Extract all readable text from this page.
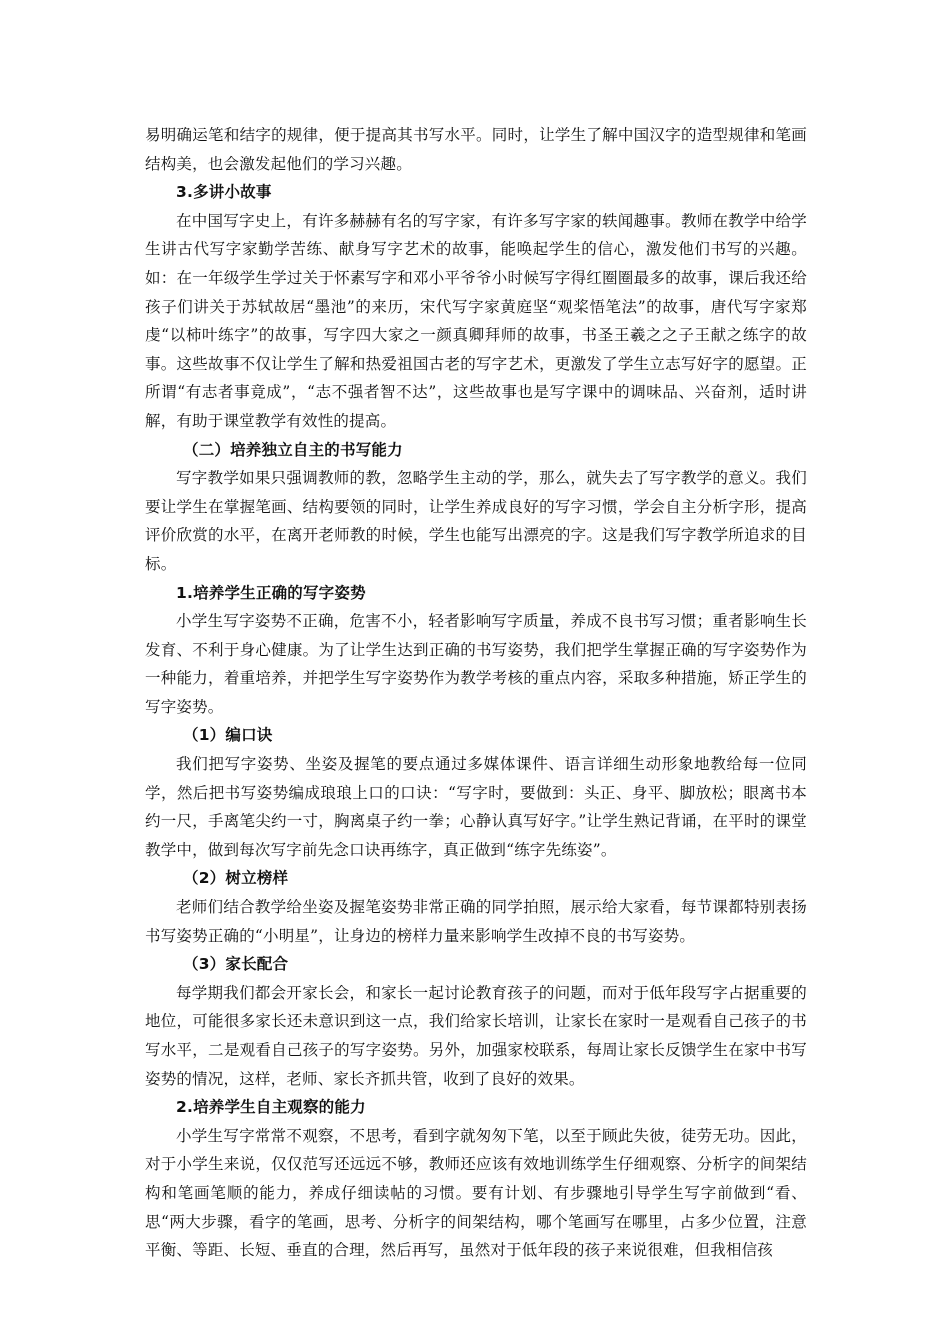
易明确运笔和结字的规律，便于提高其书写水平。同时，让学生了解中国汉字的造型规律和笔画结构美，也会激发起他们的学习兴趣。

3.多讲小故事

在中国写字史上，有许多赫赫有名的写字家，有许多写字家的轶闻趣事。教师在教学中给学生讲古代写字家勤学苦练、献身写字艺术的故事，能唤起学生的信心，激发他们书写的兴趣。如：在一年级学生学过关于怀素写字和邓小平爷爷小时候写字得红圈圈最多的故事，课后我还给孩子们讲关于苏轼故居“墨池”的来历，宋代写字家黄庭坚“观桨悟笔法”的故事，唐代写字家郑虔“以柿叶练字”的故事，写字四大家之一颜真卿拜师的故事，书圣王羲之之子王献之练字的故事。这些故事不仅让学生了解和热爱祖国古老的写字艺术，更激发了学生立志写好字的愿望。正所谓“有志者事竟成”，“志不强者智不达”，这些故事也是写字课中的调味品、兴奋剂，适时讲解，有助于课堂教学有效性的提高。

（二）培养独立自主的书写能力

写字教学如果只强调教师的教，忽略学生主动的学，那么，就失去了写字教学的意义。我们要让学生在掌握笔画、结构要领的同时，让学生养成良好的写字习惯，学会自主分析字形，提高评价欣赏的水平，在离开老师教的时候，学生也能写出漂亮的字。这是我们写字教学所追求的目标。

1.培养学生正确的写字姿势

小学生写字姿势不正确，危害不小，轻者影响写字质量，养成不良书写习惯；重者影响生长发育、不利于身心健康。为了让学生达到正确的书写姿势，我们把学生掌握正确的写字姿势作为一种能力，着重培养，并把学生写字姿势作为教学考核的重点内容，采取多种措施，矫正学生的写字姿势。

（1）编口诀

我们把写字姿势、坐姿及握笔的要点通过多媒体课件、语言详细生动形象地教给每一位同学，然后把书写姿势编成琅琅上口的口诀：“写字时，要做到：头正、身平、脚放松；眼离书本约一尺，手离笔尖约一寸，胸离桌子约一拳；心静认真写好字。”让学生熟记背诵，在平时的课堂教学中，做到每次写字前先念口诀再练字，真正做到“练字先练姿”。

（2）树立榜样

老师们结合教学给坐姿及握笔姿势非常正确的同学拍照，展示给大家看，每节课都特别表扬书写姿势正确的“小明星”，让身边的榜样力量来影响学生改掉不良的书写姿势。

（3）家长配合

每学期我们都会开家长会，和家长一起讨论教育孩子的问题，而对于低年段写字占据重要的地位，可能很多家长还未意识到这一点，我们给家长培训，让家长在家时一是观看自己孩子的书写水平，二是观看自己孩子的写字姿势。另外，加强家校联系，每周让家长反馈学生在家中书写姿势的情况，这样，老师、家长齐抓共管，收到了良好的效果。

2.培养学生自主观察的能力

小学生写字常常不观察，不思考，看到字就匆匆下笔，以至于顾此失彼，徒劳无功。因此，对于小学生来说，仅仅范写还远远不够，教师还应该有效地训练学生仔细观察、分析字的间架结构和笔画笔顺的能力，养成仔细读帖的习惯。要有计划、有步骤地引导学生写字前做到“看、思“两大步骤，看字的笔画，思考、分析字的间架结构，哪个笔画写在哪里，占多少位置，注意平衡、等距、长短、垂直的合理，然后再写，虽然对于低年段的孩子来说很难，但我相信孩
